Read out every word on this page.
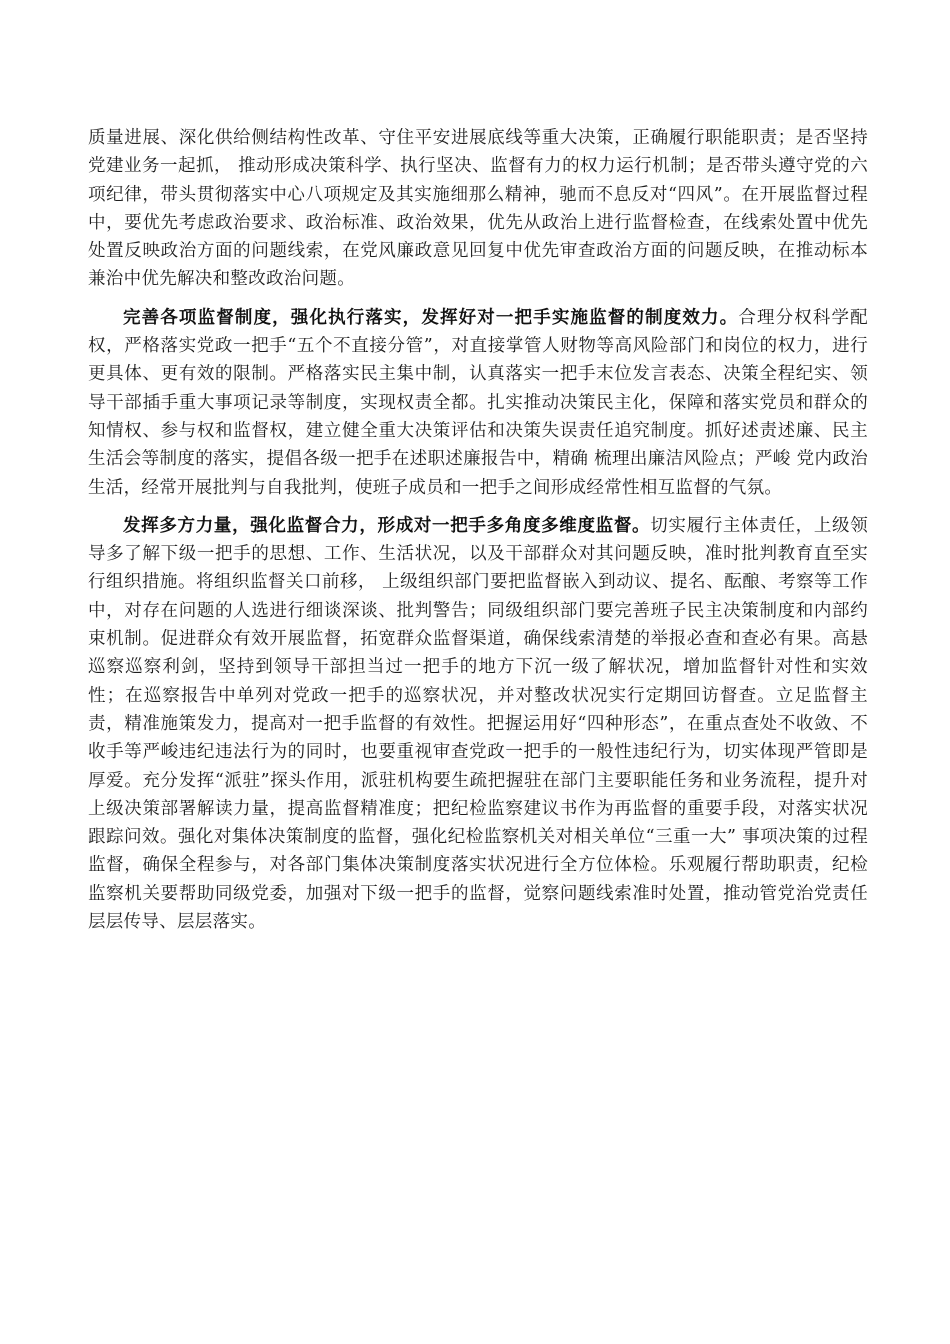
质量进展、深化供给侧结构性改革、守住平安进展底线等重大决策，正确履行职能职责；是否坚持党建业务一起抓， 推动形成决策科学、执行坚决、监督有力的权力运行机制；是否带头遵守党的六项纪律，带头贯彻落实中心八项规定及其实施细那么精神，驰而不息反对“四风”。在开展监督过程中，要优先考虑政治要求、政治标准、政治效果，优先从政治上进行监督检查，在线索处置中优先处置反映政治方面的问题线索，在党风廉政意见回复中优先审查政治方面的问题反映，在推动标本兼治中优先解决和整改政治问题。

完善各项监督制度，强化执行落实，发挥好对一把手实施监督的制度效力。合理分权科学配权，严格落实党政一把手“五个不直接分管”，对直接掌管人财物等高风险部门和岗位的权力，进行更具体、更有效的限制。严格落实民主集中制，认真落实一把手末位发言表态、决策全程纪实、领导干部插手重大事项记录等制度，实现权责全都。扎实推动决策民主化，保障和落实党员和群众的知情权、参与权和监督权，建立健全重大决策评估和决策失误责任追究制度。抓好述责述廉、民主生活会等制度的落实，提倡各级一把手在述职述廉报告中，精确 梳理出廉洁风险点；严峻 党内政治生活，经常开展批判与自我批判，使班子成员和一把手之间形成经常性相互监督的气氛。

发挥多方力量，强化监督合力，形成对一把手多角度多维度监督。切实履行主体责任，上级领导多了解下级一把手的思想、工作、生活状况，以及干部群众对其问题反映，准时批判教育直至实行组织措施。将组织监督关口前移， 上级组织部门要把监督嵌入到动议、提名、酝酿、考察等工作中，对存在问题的人选进行细谈深谈、批判警告；同级组织部门要完善班子民主决策制度和内部约束机制。促进群众有效开展监督，拓宽群众监督渠道，确保线索清楚的举报必查和查必有果。高悬巡察巡察利剑，坚持到领导干部担当过一把手的地方下沉一级了解状况，增加监督针对性和实效性；在巡察报告中单列对党政一把手的巡察状况，并对整改状况实行定期回访督查。立足监督主责，精准施策发力，提高对一把手监督的有效性。把握运用好“四种形态”，在重点查处不收敛、不收手等严峻违纪违法行为的同时，也要重视审查党政一把手的一般性违纪行为，切实体现严管即是厚爱。充分发挥“派驻”探头作用，派驻机构要生疏把握驻在部门主要职能任务和业务流程，提升对上级决策部署解读力量，提高监督精准度；把纪检监察建议书作为再监督的重要手段，对落实状况跟踪问效。强化对集体决策制度的监督，强化纪检监察机关对相关单位“三重一大” 事项决策的过程监督，确保全程参与，对各部门集体决策制度落实状况进行全方位体检。乐观履行帮助职责，纪检监察机关要帮助同级党委，加强对下级一把手的监督，觉察问题线索准时处置，推动管党治党责任层层传导、层层落实。
